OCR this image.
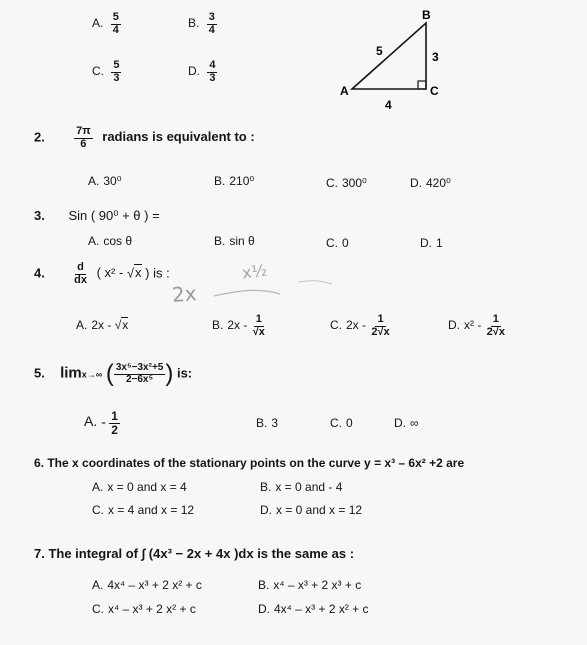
A. $\frac{5}{4}$	B. $\frac{3}{4}$
C. $\frac{5}{3}$	D. $\frac{4}{3}$
B
A	C
5	3
4
2.	$\frac{7\pi}{6}$ radians is equivalent to :
A. 30⁰	B. 210⁰	C. 300⁰	D. 420⁰
3. Sin ( 90⁰ + θ ) =
A. cos θ	B. sin θ	C. 0	D. 1
4. $\frac{d}{dx}$ ( x² - √x ) is :
2x
x½
A. 2x - √x	B. $2x - \frac{1}{√x}$	C. $2x - \frac{1}{2√x}$	D. $x^2 - \frac{1}{2√x}$
5. limx→∞ ( $\frac{\text{3x⁵−3x²+5}}{\text{2−6x⁵}}$ ) is:
A. - $\frac{1}{2}$	B. 3	C. 0	D. ∞
6. The x coordinates of the stationary points on the curve y = x³ – 6x² +2 are
A. x = 0 and x = 4	B. x = 0 and - 4
C. x = 4 and x = 12	D. x = 0 and x = 12
7. The integral of ∫ (4x³ − 2x + 4x )dx is the same as :
A. 4x⁴ – x³ + 2 x² + c	B. x⁴ – x³ + 2 x³ + c
C. x⁴ – x³ + 2 x² + c	D. 4x⁴ – x³ + 2 x² + c
